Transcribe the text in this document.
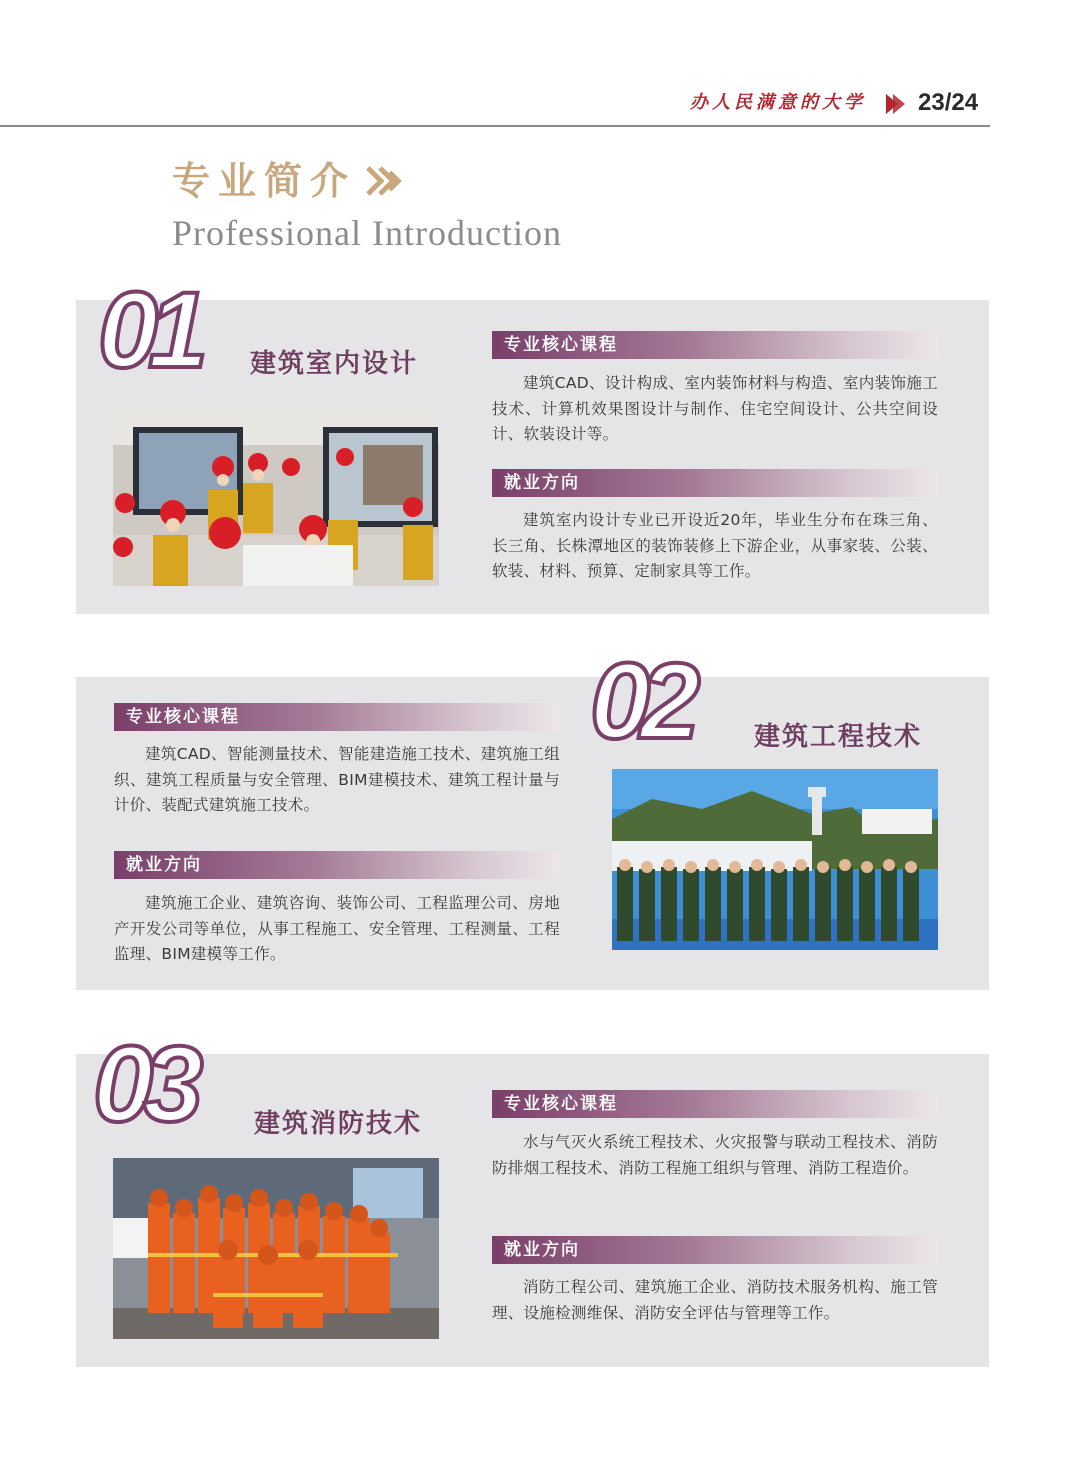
办人民满意的大学	23/24
专业简介
Professional Introduction
01 建筑室内设计
专业核心课程
建筑CAD、设计构成、室内装饰材料与构造、室内装饰施工技术、计算机效果图设计与制作、住宅空间设计、公共空间设计、软装设计等。
就业方向
建筑室内设计专业已开设近20年，毕业生分布在珠三角、长三角、长株潭地区的装饰装修上下游企业，从事家装、公装、软装、材料、预算、定制家具等工作。
02 建筑工程技术
专业核心课程
建筑CAD、智能测量技术、智能建造施工技术、建筑施工组织、建筑工程质量与安全管理、BIM建模技术、建筑工程计量与计价、装配式建筑施工技术。
就业方向
建筑施工企业、建筑咨询、装饰公司、工程监理公司、房地产开发公司等单位，从事工程施工、安全管理、工程测量、工程监理、BIM建模等工作。
03 建筑消防技术
专业核心课程
水与气灭火系统工程技术、火灾报警与联动工程技术、消防防排烟工程技术、消防工程施工组织与管理、消防工程造价。
就业方向
消防工程公司、建筑施工企业、消防技术服务机构、施工管理、设施检测维保、消防安全评估与管理等工作。
